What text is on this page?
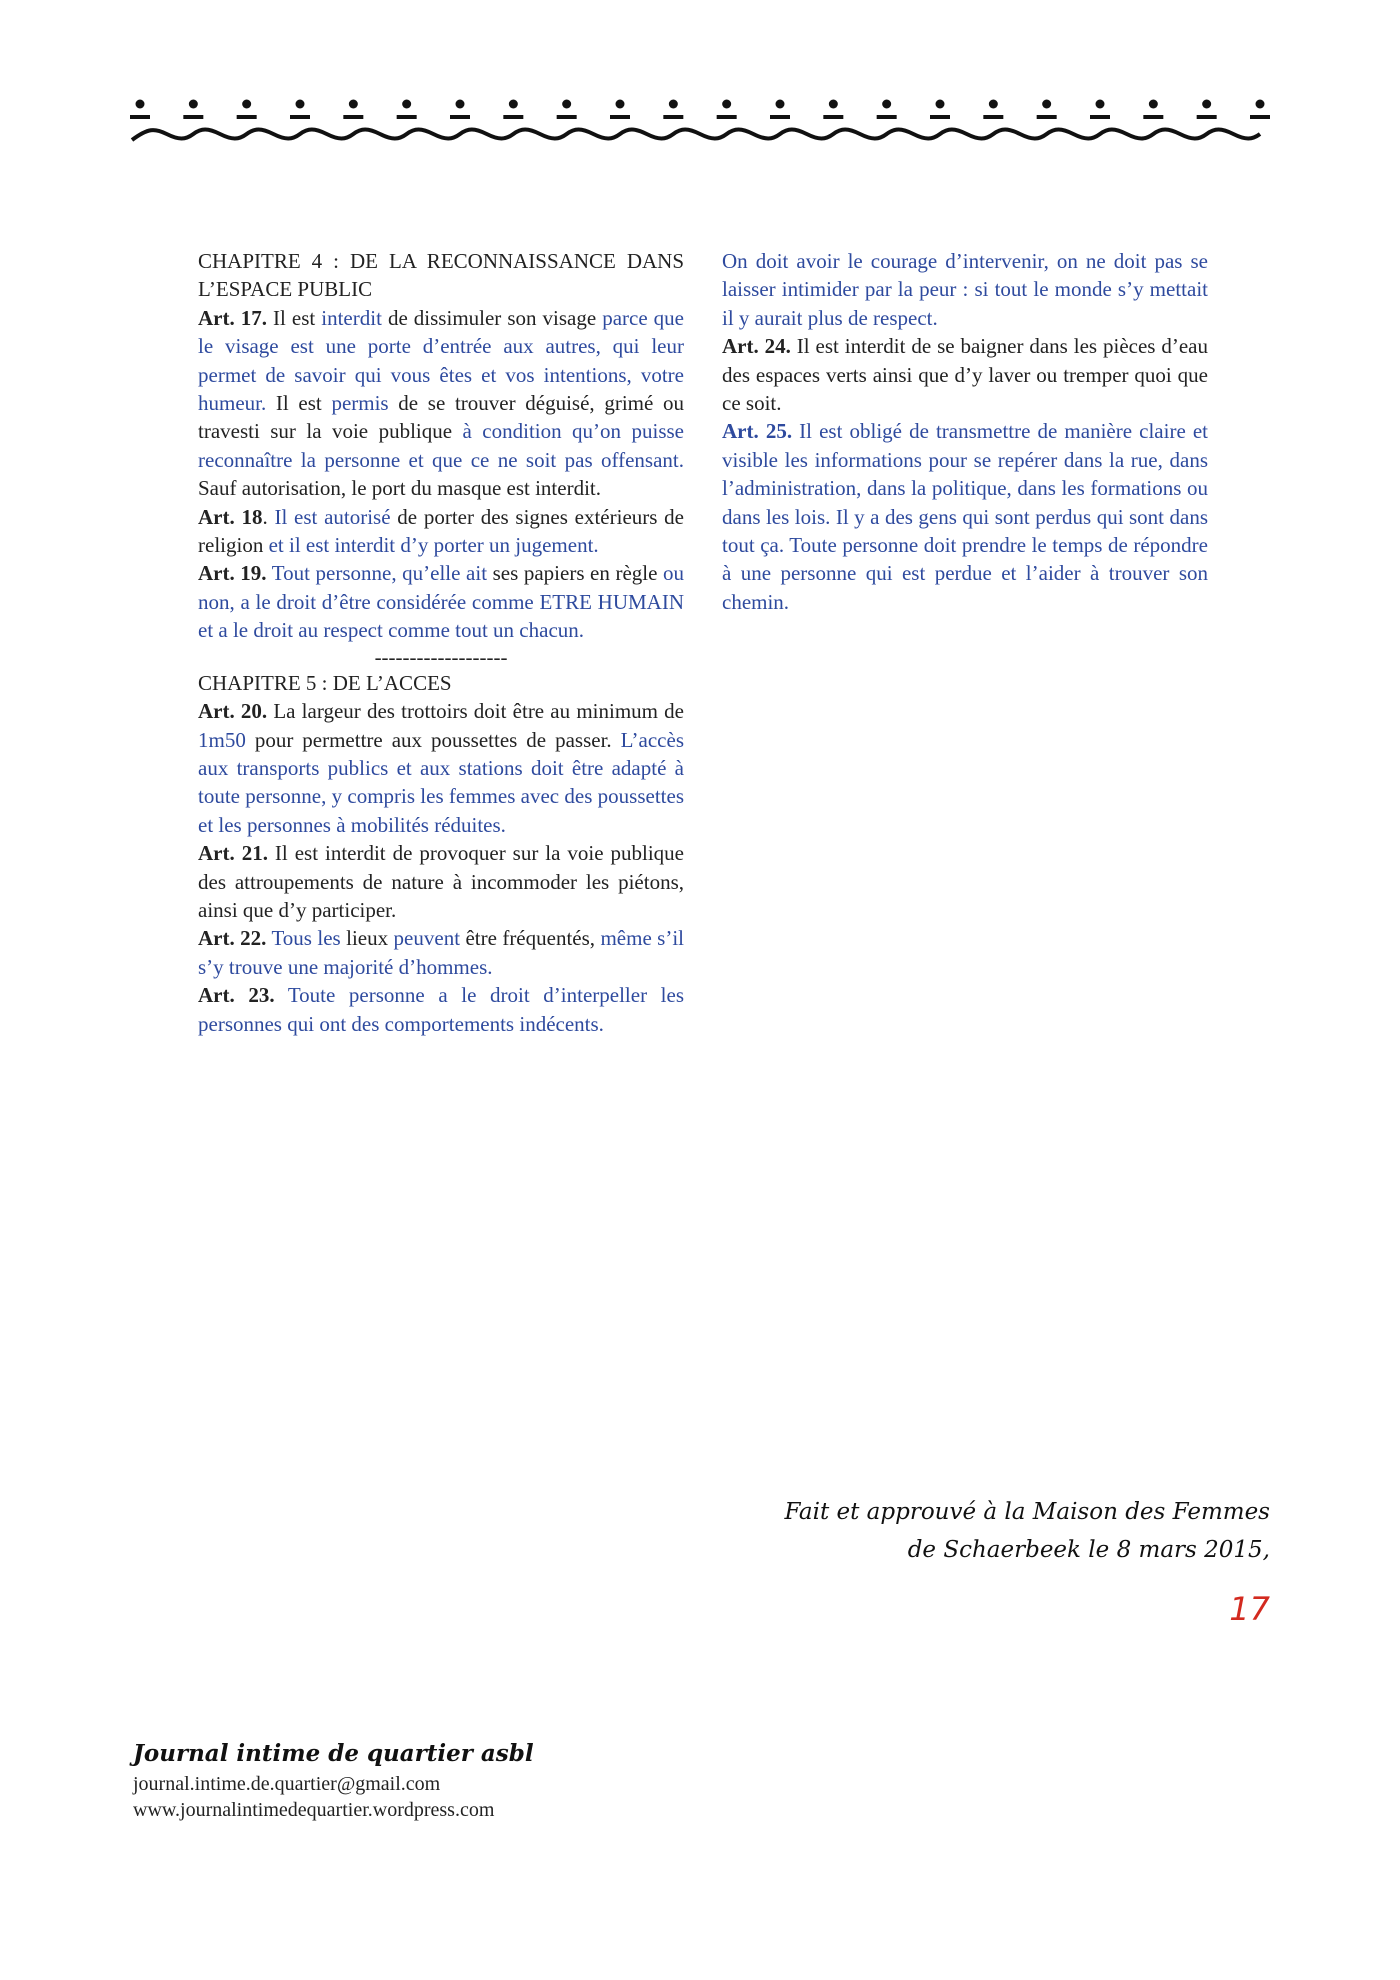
CHAPITRE 4 : DE LA RECONNAISSANCE DANS L’ESPACE PUBLIC

Art. 17. Il est interdit de dissimuler son visage parce que le visage est une porte d’entrée aux autres, qui leur permet de savoir qui vous êtes et vos intentions, votre humeur. Il est permis de se trouver déguisé, grimé ou travesti sur la voie publique à condition qu’on puisse reconnaître la personne et que ce ne soit pas offensant. Sauf autorisation, le port du masque est interdit.

Art. 18. Il est autorisé de porter des signes extérieurs de religion et il est interdit d’y porter un jugement.

Art. 19. Tout personne, qu’elle ait ses papiers en règle ou non, a le droit d’être considérée comme ETRE HUMAIN et a le droit au respect comme tout un chacun.

-------------------

CHAPITRE 5 : DE L’ACCES

Art. 20. La largeur des trottoirs doit être au minimum de 1m50 pour permettre aux poussettes de passer. L’accès aux transports publics et aux stations doit être adapté à toute personne, y compris les femmes avec des poussettes et les personnes à mobilités réduites.

Art. 21. Il est interdit de provoquer sur la voie publique des attroupements de nature à incommoder les piétons, ainsi que d’y participer.

Art. 22. Tous les lieux peuvent être fréquentés, même s’il s’y trouve une majorité d’hommes.

Art. 23. Toute personne a le droit d’interpeller les personnes qui ont des comportements indécents.

On doit avoir le courage d’intervenir, on ne doit pas se laisser intimider par la peur : si tout le monde s’y mettait il y aurait plus de respect.

Art. 24. Il est interdit de se baigner dans les pièces d’eau des espaces verts ainsi que d’y laver ou tremper quoi que ce soit.

Art. 25. Il est obligé de transmettre de manière claire et visible les informations pour se repérer dans la rue, dans l’administration, dans la politique, dans les formations ou dans les lois. Il y a des gens qui sont perdus qui sont dans tout ça. Toute personne doit prendre le temps de répondre à une personne qui est perdue et l’aider à trouver son chemin.

Fait et approuvé à la Maison des Femmes
de Schaerbeek le 8 mars 2015,
17
Journal intime de quartier asbl
journal.intime.de.quartier@gmail.com
www.journalintimedequartier.wordpress.com
